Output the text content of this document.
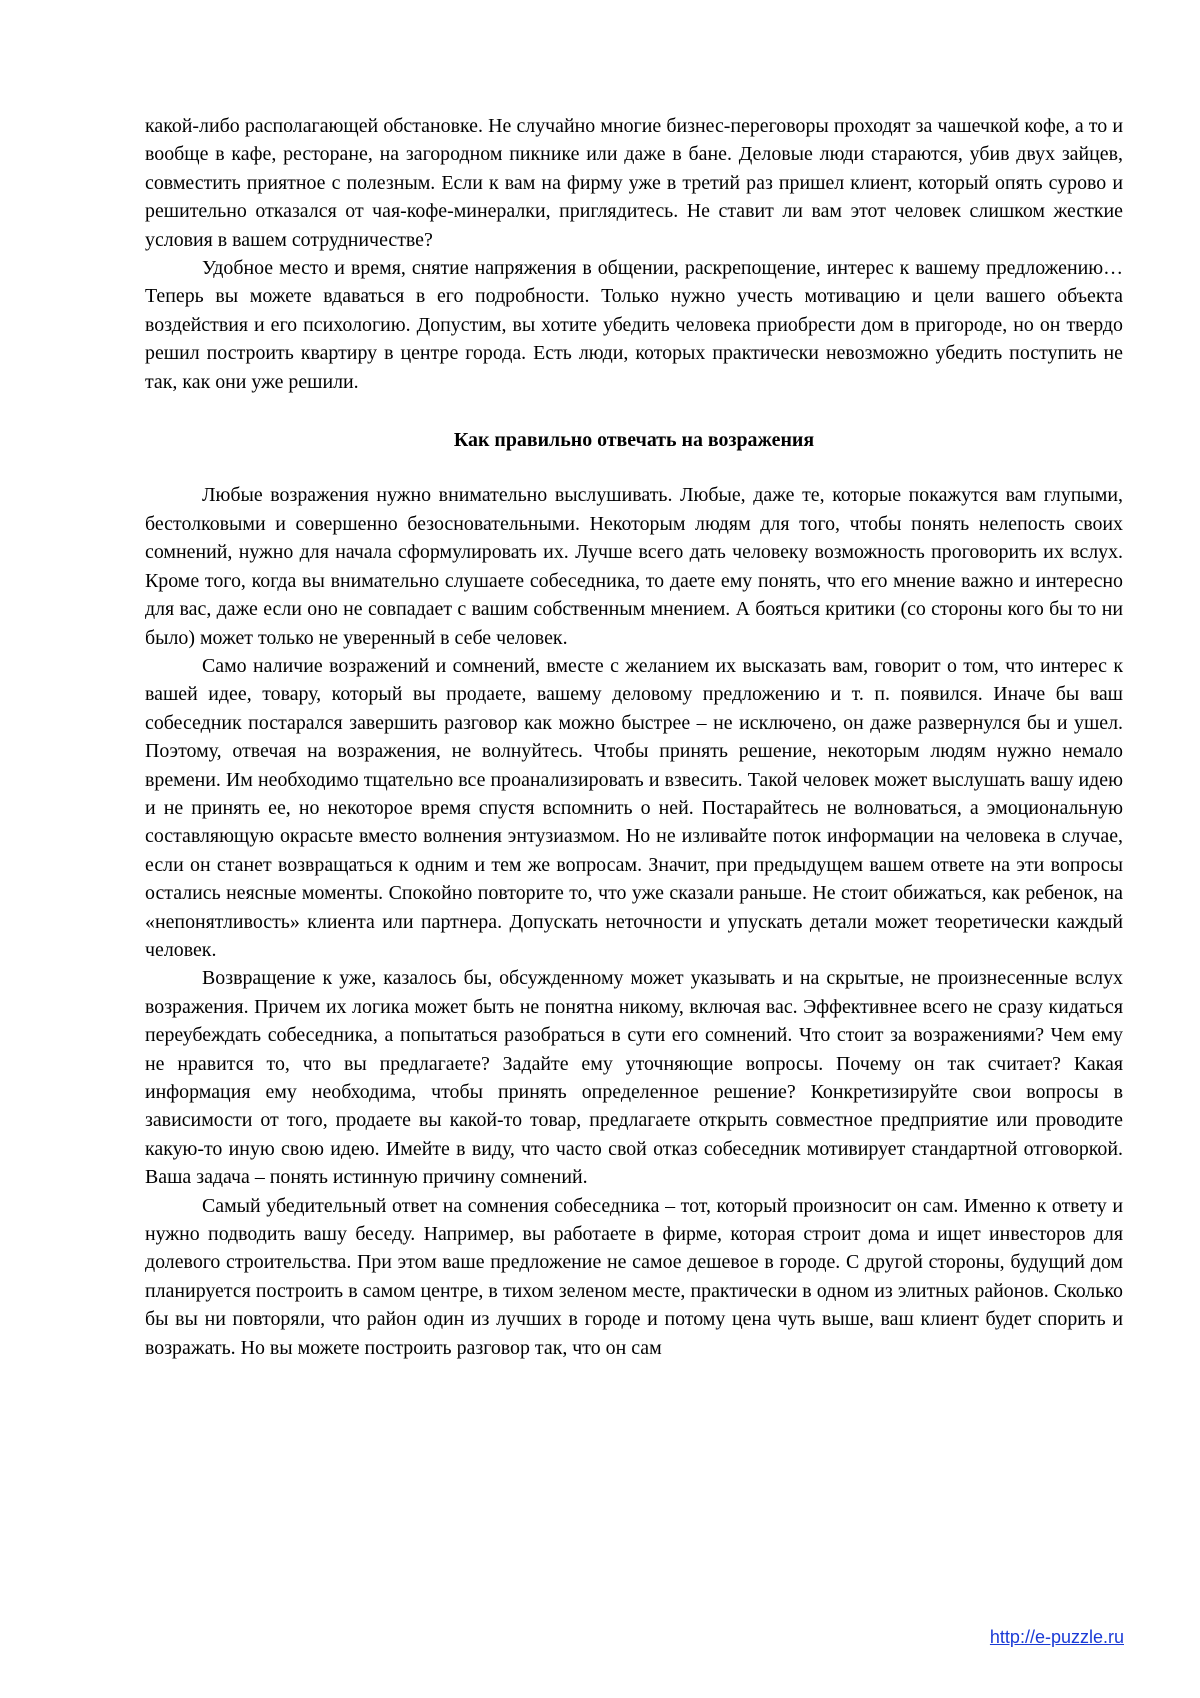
какой-либо располагающей обстановке. Не случайно многие бизнес-переговоры проходят за чашечкой кофе, а то и вообще в кафе, ресторане, на загородном пикнике или даже в бане. Деловые люди стараются, убив двух зайцев, совместить приятное с полезным. Если к вам на фирму уже в третий раз пришел клиент, который опять сурово и решительно отказался от чая-кофе-минералки, приглядитесь. Не ставит ли вам этот человек слишком жесткие условия в вашем сотрудничестве?

Удобное место и время, снятие напряжения в общении, раскрепощение, интерес к вашему предложению… Теперь вы можете вдаваться в его подробности. Только нужно учесть мотивацию и цели вашего объекта воздействия и его психологию. Допустим, вы хотите убедить человека приобрести дом в пригороде, но он твердо решил построить квартиру в центре города. Есть люди, которых практически невозможно убедить поступить не так, как они уже решили.

Как правильно отвечать на возражения

Любые возражения нужно внимательно выслушивать. Любые, даже те, которые покажутся вам глупыми, бестолковыми и совершенно безосновательными. Некоторым людям для того, чтобы понять нелепость своих сомнений, нужно для начала сформулировать их. Лучше всего дать человеку возможность проговорить их вслух. Кроме того, когда вы внимательно слушаете собеседника, то даете ему понять, что его мнение важно и интересно для вас, даже если оно не совпадает с вашим собственным мнением. А бояться критики (со стороны кого бы то ни было) может только не уверенный в себе человек.

Само наличие возражений и сомнений, вместе с желанием их высказать вам, говорит о том, что интерес к вашей идее, товару, который вы продаете, вашему деловому предложению и т. п. появился. Иначе бы ваш собеседник постарался завершить разговор как можно быстрее – не исключено, он даже развернулся бы и ушел. Поэтому, отвечая на возражения, не волнуйтесь. Чтобы принять решение, некоторым людям нужно немало времени. Им необходимо тщательно все проанализировать и взвесить. Такой человек может выслушать вашу идею и не принять ее, но некоторое время спустя вспомнить о ней. Постарайтесь не волноваться, а эмоциональную составляющую окрасьте вместо волнения энтузиазмом. Но не изливайте поток информации на человека в случае, если он станет возвращаться к одним и тем же вопросам. Значит, при предыдущем вашем ответе на эти вопросы остались неясные моменты. Спокойно повторите то, что уже сказали раньше. Не стоит обижаться, как ребенок, на «непонятливость» клиента или партнера. Допускать неточности и упускать детали может теоретически каждый человек.

Возвращение к уже, казалось бы, обсужденному может указывать и на скрытые, не произнесенные вслух возражения. Причем их логика может быть не понятна никому, включая вас. Эффективнее всего не сразу кидаться переубеждать собеседника, а попытаться разобраться в сути его сомнений. Что стоит за возражениями? Чем ему не нравится то, что вы предлагаете? Задайте ему уточняющие вопросы. Почему он так считает? Какая информация ему необходима, чтобы принять определенное решение? Конкретизируйте свои вопросы в зависимости от того, продаете вы какой-то товар, предлагаете открыть совместное предприятие или проводите какую-то иную свою идею. Имейте в виду, что часто свой отказ собеседник мотивирует стандартной отговоркой. Ваша задача – понять истинную причину сомнений.

Самый убедительный ответ на сомнения собеседника – тот, который произносит он сам. Именно к ответу и нужно подводить вашу беседу. Например, вы работаете в фирме, которая строит дома и ищет инвесторов для долевого строительства. При этом ваше предложение не самое дешевое в городе. С другой стороны, будущий дом планируется построить в самом центре, в тихом зеленом месте, практически в одном из элитных районов. Сколько бы вы ни повторяли, что район один из лучших в городе и потому цена чуть выше, ваш клиент будет спорить и возражать. Но вы можете построить разговор так, что он сам

http://e-puzzle.ru
